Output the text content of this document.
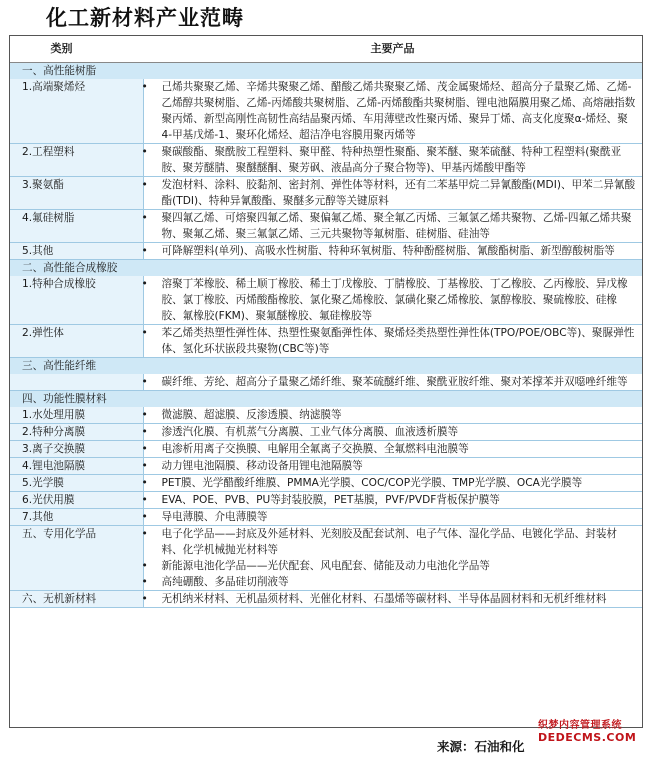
化工新材料产业范畴
类别	主要产品
一、高性能树脂	
1.高端聚烯烃	• 己烯共聚聚乙烯、辛烯共聚聚乙烯、醋酸乙烯共聚聚乙烯、茂金属聚烯烃、超高分子量聚乙烯、乙烯-乙烯醇共聚树脂、乙烯-丙烯酸共聚树脂、乙烯-丙烯酸酯共聚树脂、锂电池隔膜用聚乙烯、高熔融指数聚丙烯、新型高刚性高韧性高结晶聚丙烯、车用薄壁改性聚丙烯、聚异丁烯、高支化度聚α-烯烃、聚4-甲基戊烯-1、聚环化烯烃、超洁净电容膜用聚丙烯等

2.工程塑料	• 聚碳酸酯、聚酰胺工程塑料、聚甲醛、特种热塑性聚酯、聚苯醚、聚苯硫醚、特种工程塑料(聚酰亚胺、聚芳醚腈、聚醚醚酮、聚芳砜、液晶高分子聚合物等)、甲基丙烯酸甲酯等

3.聚氨酯	• 发泡材料、涂料、胶黏剂、密封剂、弹性体等材料，还有二苯基甲烷二异氰酸酯(MDI)、甲苯二异氰酸酯(TDI)、特种异氰酸酯、聚醚多元醇等关键原料

4.氟硅树脂	• 聚四氟乙烯、可熔聚四氟乙烯、聚偏氟乙烯、聚全氟乙丙烯、三氟氯乙烯共聚物、乙烯-四氟乙烯共聚物、聚氟乙烯、聚三氟氯乙烯、三元共聚物等氟树脂、硅树脂、硅油等

5.其他	• 可降解塑料(单列)、高吸水性树脂、特种环氧树脂、特种酚醛树脂、氰酸酯树脂、新型醇酸树脂等

二、高性能合成橡胶	
1.特种合成橡胶	• 溶聚丁苯橡胶、稀土顺丁橡胶、稀土丁戊橡胶、丁腈橡胶、丁基橡胶、丁乙橡胶、乙丙橡胶、异戊橡胶、氯丁橡胶、丙烯酸酯橡胶、氯化聚乙烯橡胶、氯磺化聚乙烯橡胶、氯醇橡胶、聚硫橡胶、硅橡胶、氟橡胶(FKM)、聚氟醚橡胶、氟硅橡胶等

2.弹性体	• 苯乙烯类热塑性弹性体、热塑性聚氨酯弹性体、聚烯烃类热塑性弹性体(TPO/POE/OBC等)、聚脲弹性体、氢化环状嵌段共聚物(CBC等)等

三、高性能纤维	

	• 碳纤维、芳纶、超高分子量聚乙烯纤维、聚苯硫醚纤维、聚酰亚胺纤维、聚对苯撑苯并双噁唑纤维等

四、功能性膜材料	
1.水处理用膜	• 微滤膜、超滤膜、反渗透膜、纳滤膜等

2.特种分离膜	• 渗透汽化膜、有机蒸气分离膜、工业气体分离膜、血液透析膜等

3.离子交换膜	• 电渗析用离子交换膜、电解用全氟离子交换膜、全氟燃料电池膜等

4.锂电池隔膜	• 动力锂电池隔膜、移动设备用锂电池隔膜等

5.光学膜	• PET膜、光学醋酸纤维膜、PMMA光学膜、COC/COP光学膜、TMP光学膜、OCA光学膜等

6.光伏用膜	• EVA、POE、PVB、PU等封装胶膜，PET基膜，PVF/PVDF背板保护膜等

7.其他	• 导电薄膜、介电薄膜等

五、专用化学品	• 电子化学品——封底及外延材料、光刻胶及配套试剂、电子气体、湿化学品、电镀化学品、封装材料、化学机械抛光材料等
• 新能源电池化学品——光伏配套、风电配套、储能及动力电池化学品等
• 高纯硼酸、多晶硅切削液等

六、无机新材料	• 无机纳米材料、无机晶须材料、光催化材料、石墨烯等碳材料、半导体晶圆材料和无机纤维材料
来源：石油和化
织梦内容管理系统
DEDECMS.COM
